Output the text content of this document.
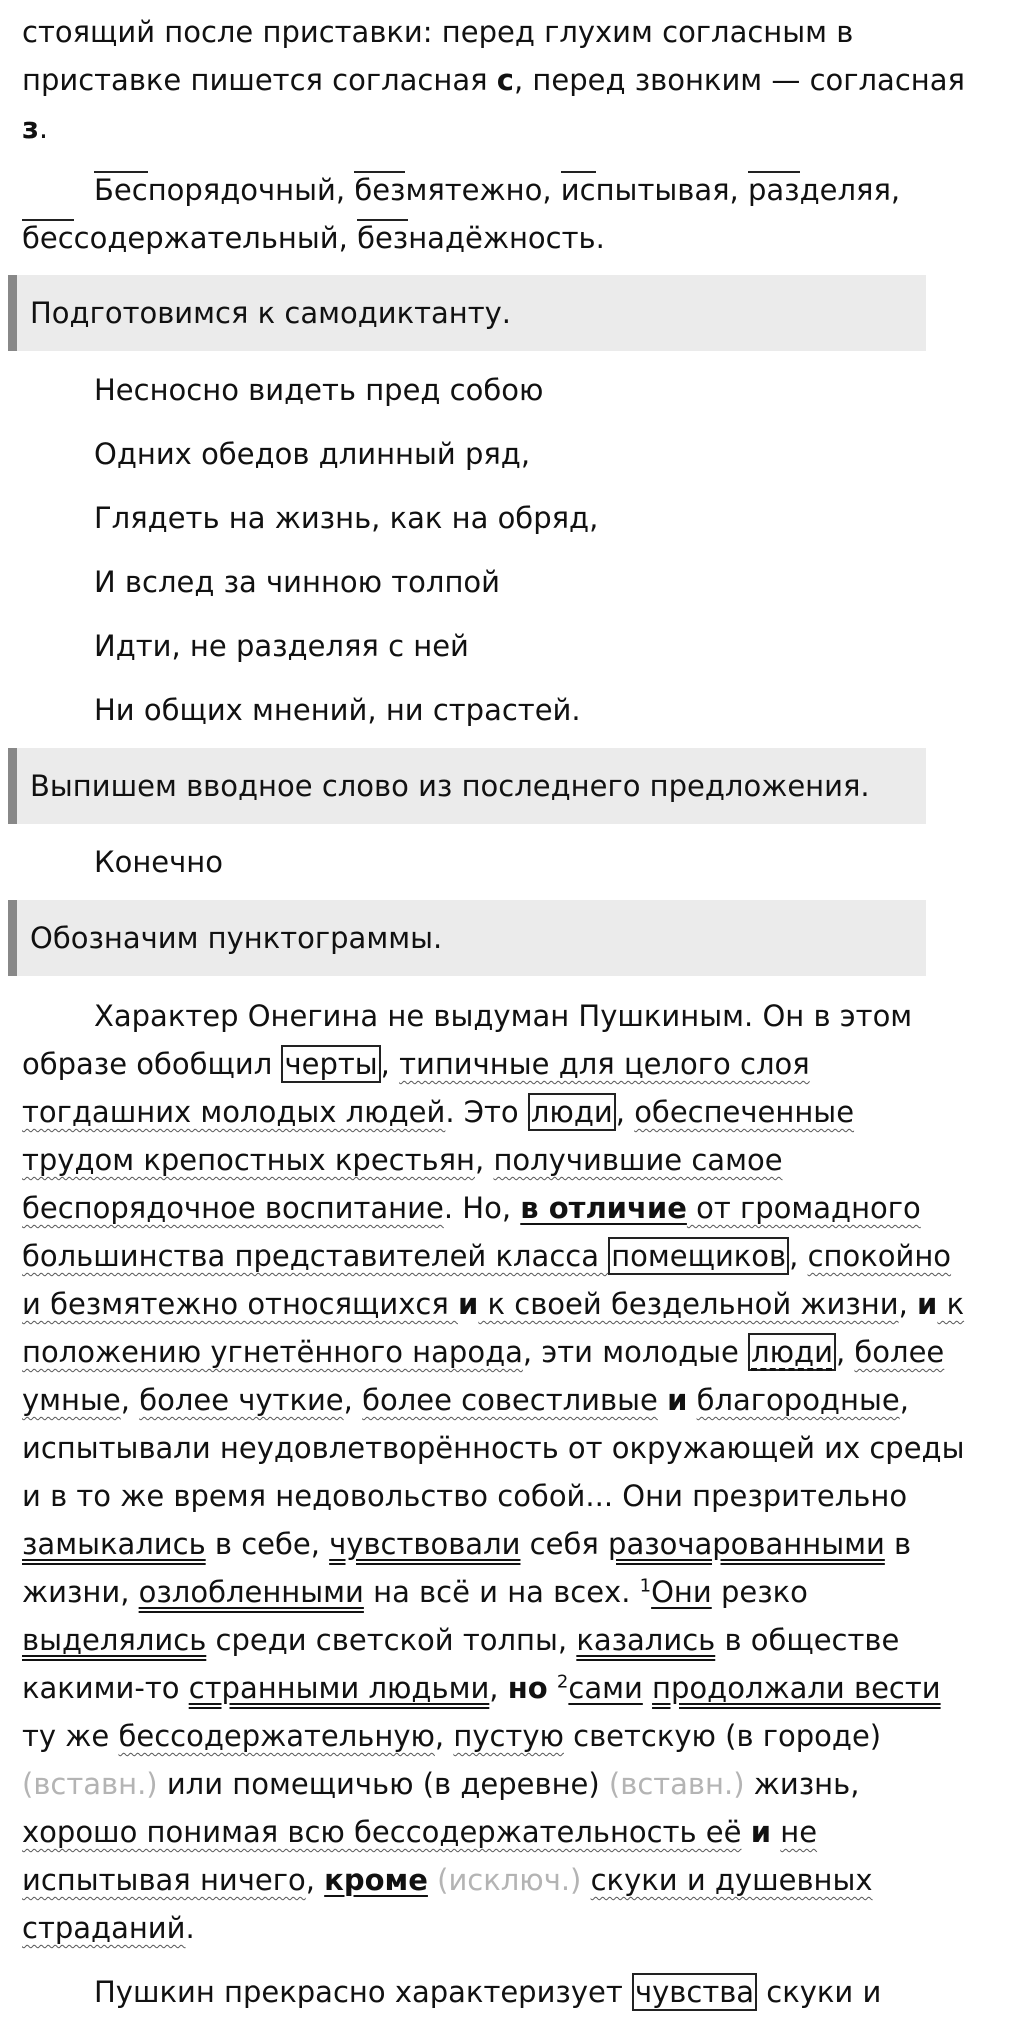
стоящий после приставки: перед глухим согласным в
приставке пишется согласная с, перед звонким — согласная
з.
Беспорядочный, безмятежно, испытывая, разделяя,
бессодержательный, безнадёжность.
Подготовимся к самодиктанту.
Несносно видеть пред собою
Одних обедов длинный ряд,
Глядеть на жизнь, как на обряд,
И вслед за чинною толпой
Идти, не разделяя с ней
Ни общих мнений, ни страстей.
Выпишем вводное слово из последнего предложения.
Конечно
Обозначим пунктограммы.
Характер Онегина не выдуман Пушкиным. Он в этом
образе обобщил черты , типичные для целого слоя
тогдашних молодых людей. Это люди , обеспеченные
трудом крепостных крестьян, получившие самое
беспорядочное воспитание. Но, в отличие от громадного
большинства представителей класса помещиков , спокойно
и безмятежно относящихся и к своей бездельной жизни, и к
положению угнетённого народа, эти молодые люди , более
умные, более чуткие, более совестливые и благородные,
испытывали неудовлетворённость от окружающей их среды
и в то же время недовольство собой... Они презрительно
замыкались в себе, чувствовали себя разочарованными в
жизни, озлобленными на всё и на всех. $^1$Они резко
выделялись среди светской толпы, казались в обществе
какими-то странными людьми, но $^2$сами продолжали вести
ту же бессодержательную, пустую светскую (в городе)
(вставн.) или помещичью (в деревне) (вставн.) жизнь,
хорошо понимая всю бессодержательность её и не
испытывая ничего, кроме (исключ.) скуки и душевных
страданий.
Пушкин прекрасно характеризует чувства скуки и
